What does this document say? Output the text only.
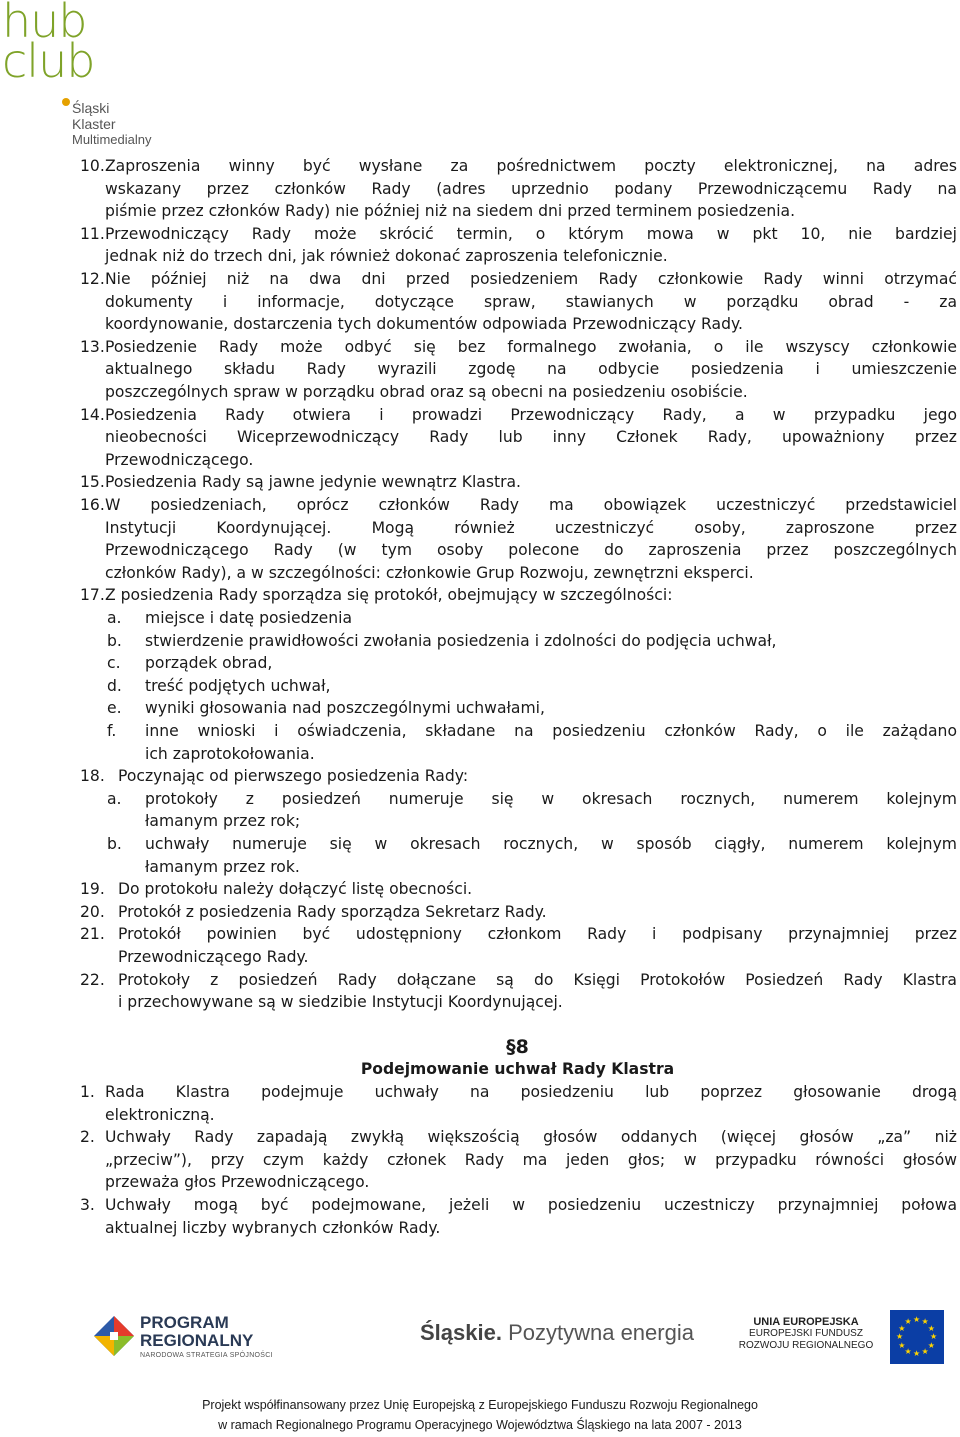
hub
club
Śląski
Klaster
Multimedialny
10. Zaproszenia winny być wysłane za pośrednictwem poczty elektronicznej, na adres
wskazany przez członków Rady (adres uprzednio podany Przewodniczącemu Rady na
piśmie przez członków Rady) nie później niż na siedem dni przed terminem posiedzenia.
11. Przewodniczący Rady może skrócić termin, o którym mowa w pkt 10, nie bardziej
jednak niż do trzech dni, jak również dokonać zaproszenia telefonicznie.
12. Nie później niż na dwa dni przed posiedzeniem Rady członkowie Rady winni otrzymać
dokumenty i informacje, dotyczące spraw, stawianych w porządku obrad - za
koordynowanie, dostarczenia tych dokumentów odpowiada Przewodniczący Rady.
13. Posiedzenie Rady może odbyć się bez formalnego zwołania, o ile wszyscy członkowie
aktualnego składu Rady wyrazili zgodę na odbycie posiedzenia i umieszczenie
poszczególnych spraw w porządku obrad oraz są obecni na posiedzeniu osobiście.
14. Posiedzenia Rady otwiera i prowadzi Przewodniczący Rady, a w przypadku jego
nieobecności Wiceprzewodniczący Rady lub inny Członek Rady, upoważniony przez
Przewodniczącego.
15. Posiedzenia Rady są jawne jedynie wewnątrz Klastra.
16. W posiedzeniach, oprócz członków Rady ma obowiązek uczestniczyć przedstawiciel
Instytucji Koordynującej. Mogą również uczestniczyć osoby, zaproszone przez
Przewodniczącego Rady (w tym osoby polecone do zaproszenia przez poszczególnych
członków Rady), a w szczególności: członkowie Grup Rozwoju, zewnętrzni eksperci.
17. Z posiedzenia Rady sporządza się protokół, obejmujący w szczególności:
a. miejsce i datę posiedzenia
b. stwierdzenie prawidłowości zwołania posiedzenia i zdolności do podjęcia uchwał,
c. porządek obrad,
d. treść podjętych uchwał,
e. wyniki głosowania nad poszczególnymi uchwałami,
f. inne wnioski i oświadczenia, składane na posiedzeniu członków Rady, o ile zażądano
ich zaprotokołowania.
18. Poczynając od pierwszego posiedzenia Rady:
a. protokoły z posiedzeń numeruje się w okresach rocznych, numerem kolejnym
łamanym przez rok;
b. uchwały numeruje się w okresach rocznych, w sposób ciągły, numerem kolejnym
łamanym przez rok.
19. Do protokołu należy dołączyć listę obecności.
20. Protokół z posiedzenia Rady sporządza Sekretarz Rady.
21. Protokół powinien być udostępniony członkom Rady i podpisany przynajmniej przez
Przewodniczącego Rady.
22. Protokoły z posiedzeń Rady dołączane są do Księgi Protokołów Posiedzeń Rady Klastra
i przechowywane są w siedzibie Instytucji Koordynującej.
§8
Podejmowanie uchwał Rady Klastra
1. Rada Klastra podejmuje uchwały na posiedzeniu lub poprzez głosowanie drogą
elektroniczną.
2. Uchwały Rady zapadają zwykłą większością głosów oddanych (więcej głosów „za” niż
„przeciw”), przy czym każdy członek Rady ma jeden głos; w przypadku równości głosów
przeważa głos Przewodniczącego.
3. Uchwały mogą być podejmowane, jeżeli w posiedzeniu uczestniczy przynajmniej połowa
aktualnej liczby wybranych członków Rady.
PROGRAM
REGIONALNY
NARODOWA STRATEGIA SPÓJNOŚCI
Śląskie. Pozytywna energia	UNIA EUROPEJSKA
EUROPEJSKI FUNDUSZ
ROZWOJU REGIONALNEGO
★
★
★
★
★
★
★
★
★ ★ ★
★
Projekt współfinansowany przez Unię Europejską z Europejskiego Funduszu Rozwoju Regionalnego
w ramach Regionalnego Programu Operacyjnego Województwa Śląskiego na lata 2007 - 2013
